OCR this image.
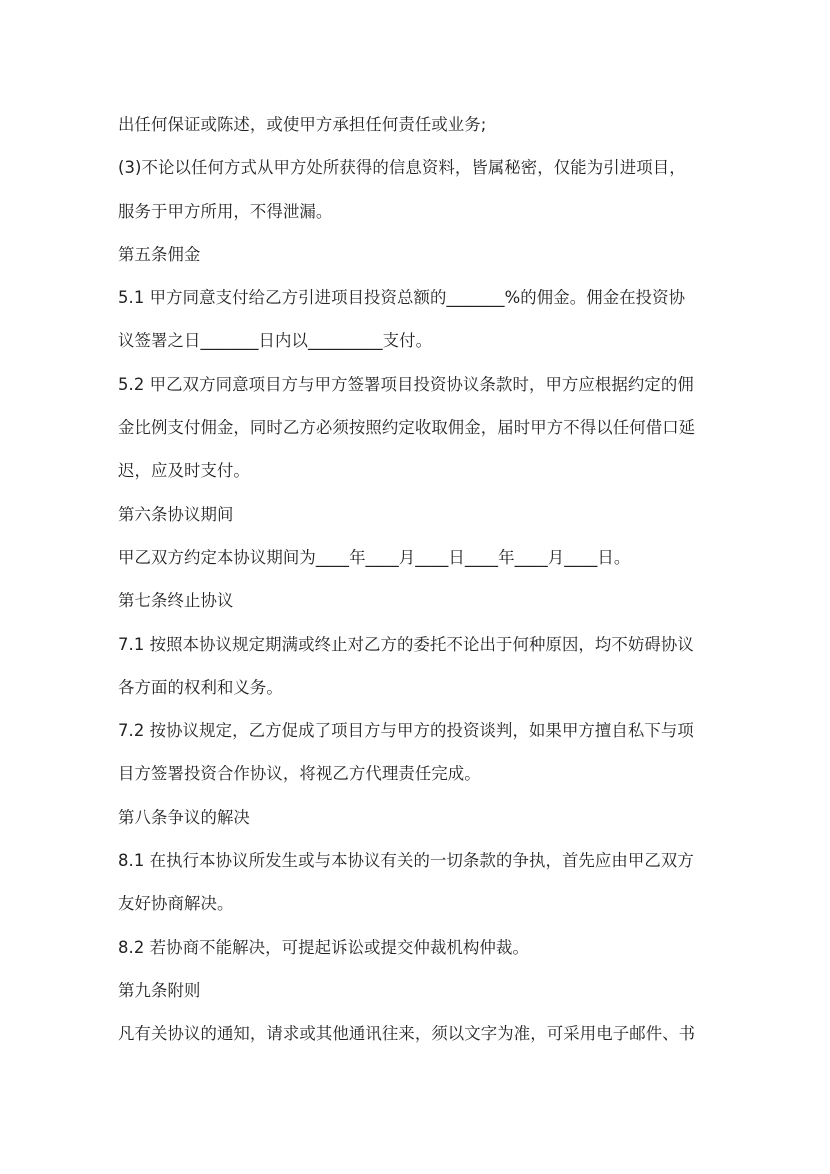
出任何保证或陈述，或使甲方承担任何责任或业务;
(3)不论以任何方式从甲方处所获得的信息资料，皆属秘密，仅能为引进项目，
服务于甲方所用，不得泄漏。
第五条佣金
5.1 甲方同意支付给乙方引进项目投资总额的_______%的佣金。佣金在投资协
议签署之日_______日内以_________支付。
5.2 甲乙双方同意项目方与甲方签署项目投资协议条款时，甲方应根据约定的佣
金比例支付佣金，同时乙方必须按照约定收取佣金，届时甲方不得以任何借口延
迟，应及时支付。
第六条协议期间
甲乙双方约定本协议期间为____年____月____日____年____月____日。
第七条终止协议
7.1 按照本协议规定期满或终止对乙方的委托不论出于何种原因，均不妨碍协议
各方面的权利和义务。
7.2 按协议规定，乙方促成了项目方与甲方的投资谈判，如果甲方擅自私下与项
目方签署投资合作协议，将视乙方代理责任完成。
第八条争议的解决
8.1 在执行本协议所发生或与本协议有关的一切条款的争执，首先应由甲乙双方
友好协商解决。
8.2 若协商不能解决，可提起诉讼或提交仲裁机构仲裁。
第九条附则
凡有关协议的通知，请求或其他通讯往来，须以文字为准，可采用电子邮件、书
